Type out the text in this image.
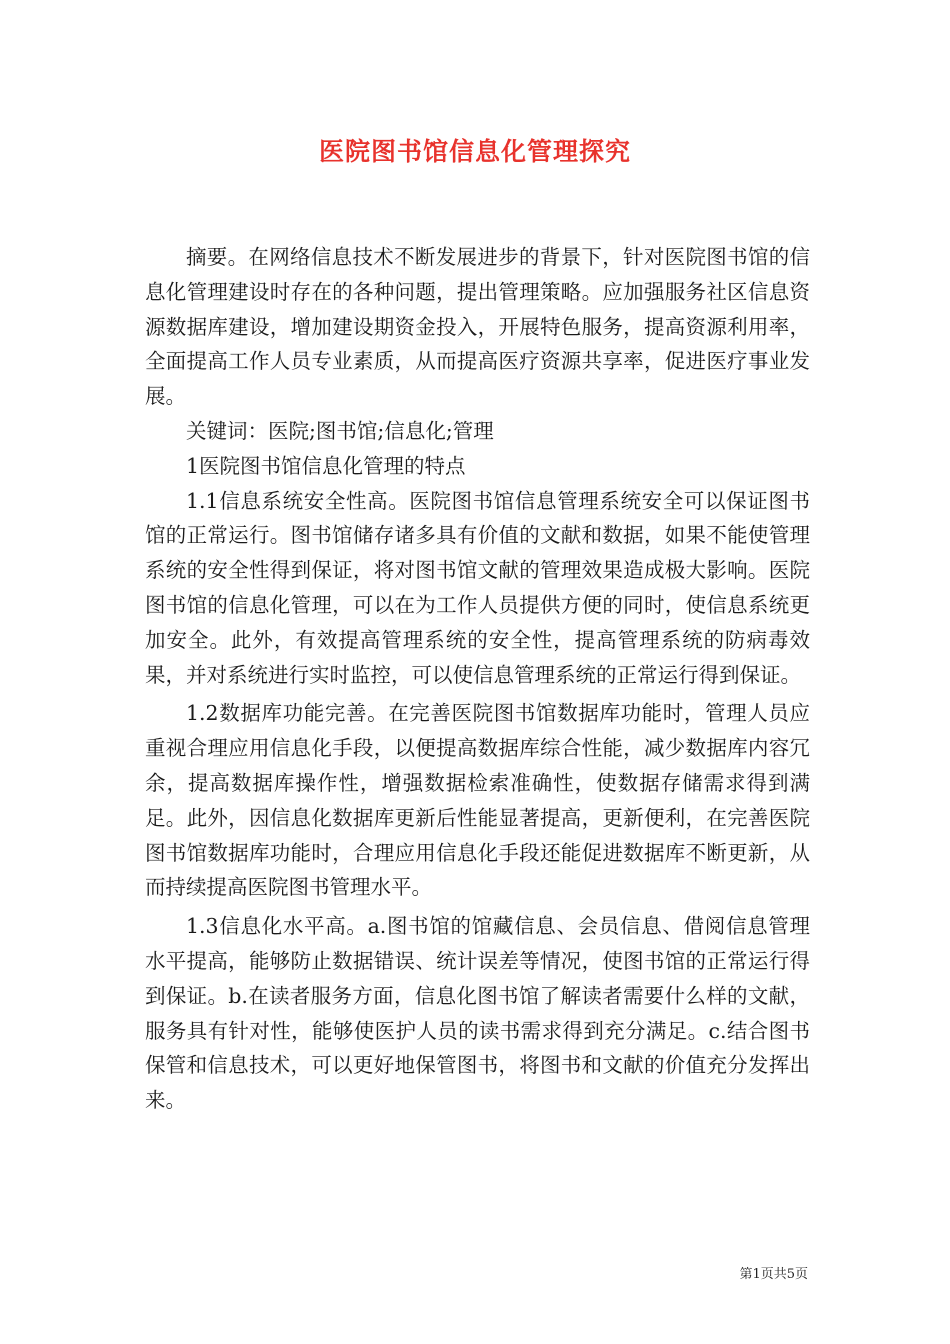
医院图书馆信息化管理探究

摘要。在网络信息技术不断发展进步的背景下，针对医院图书馆的信息化管理建设时存在的各种问题，提出管理策略。应加强服务社区信息资源数据库建设，增加建设期资金投入，开展特色服务，提高资源利用率，全面提高工作人员专业素质，从而提高医疗资源共享率，促进医疗事业发展。

关键词：医院;图书馆;信息化;管理

1医院图书馆信息化管理的特点

1.1信息系统安全性高。医院图书馆信息管理系统安全可以保证图书馆的正常运行。图书馆储存诸多具有价值的文献和数据，如果不能使管理系统的安全性得到保证，将对图书馆文献的管理效果造成极大影响。医院图书馆的信息化管理，可以在为工作人员提供方便的同时，使信息系统更加安全。此外，有效提高管理系统的安全性，提高管理系统的防病毒效果，并对系统进行实时监控，可以使信息管理系统的正常运行得到保证。

1.2数据库功能完善。在完善医院图书馆数据库功能时，管理人员应重视合理应用信息化手段，以便提高数据库综合性能，减少数据库内容冗余，提高数据库操作性，增强数据检索准确性，使数据存储需求得到满足。此外，因信息化数据库更新后性能显著提高，更新便利，在完善医院图书馆数据库功能时，合理应用信息化手段还能促进数据库不断更新，从而持续提高医院图书管理水平。

1.3信息化水平高。a.图书馆的馆藏信息、会员信息、借阅信息管理水平提高，能够防止数据错误、统计误差等情况，使图书馆的正常运行得到保证。b.在读者服务方面，信息化图书馆了解读者需要什么样的文献，服务具有针对性，能够使医护人员的读书需求得到充分满足。c.结合图书保管和信息技术，可以更好地保管图书，将图书和文献的价值充分发挥出来。

第1页共5页
